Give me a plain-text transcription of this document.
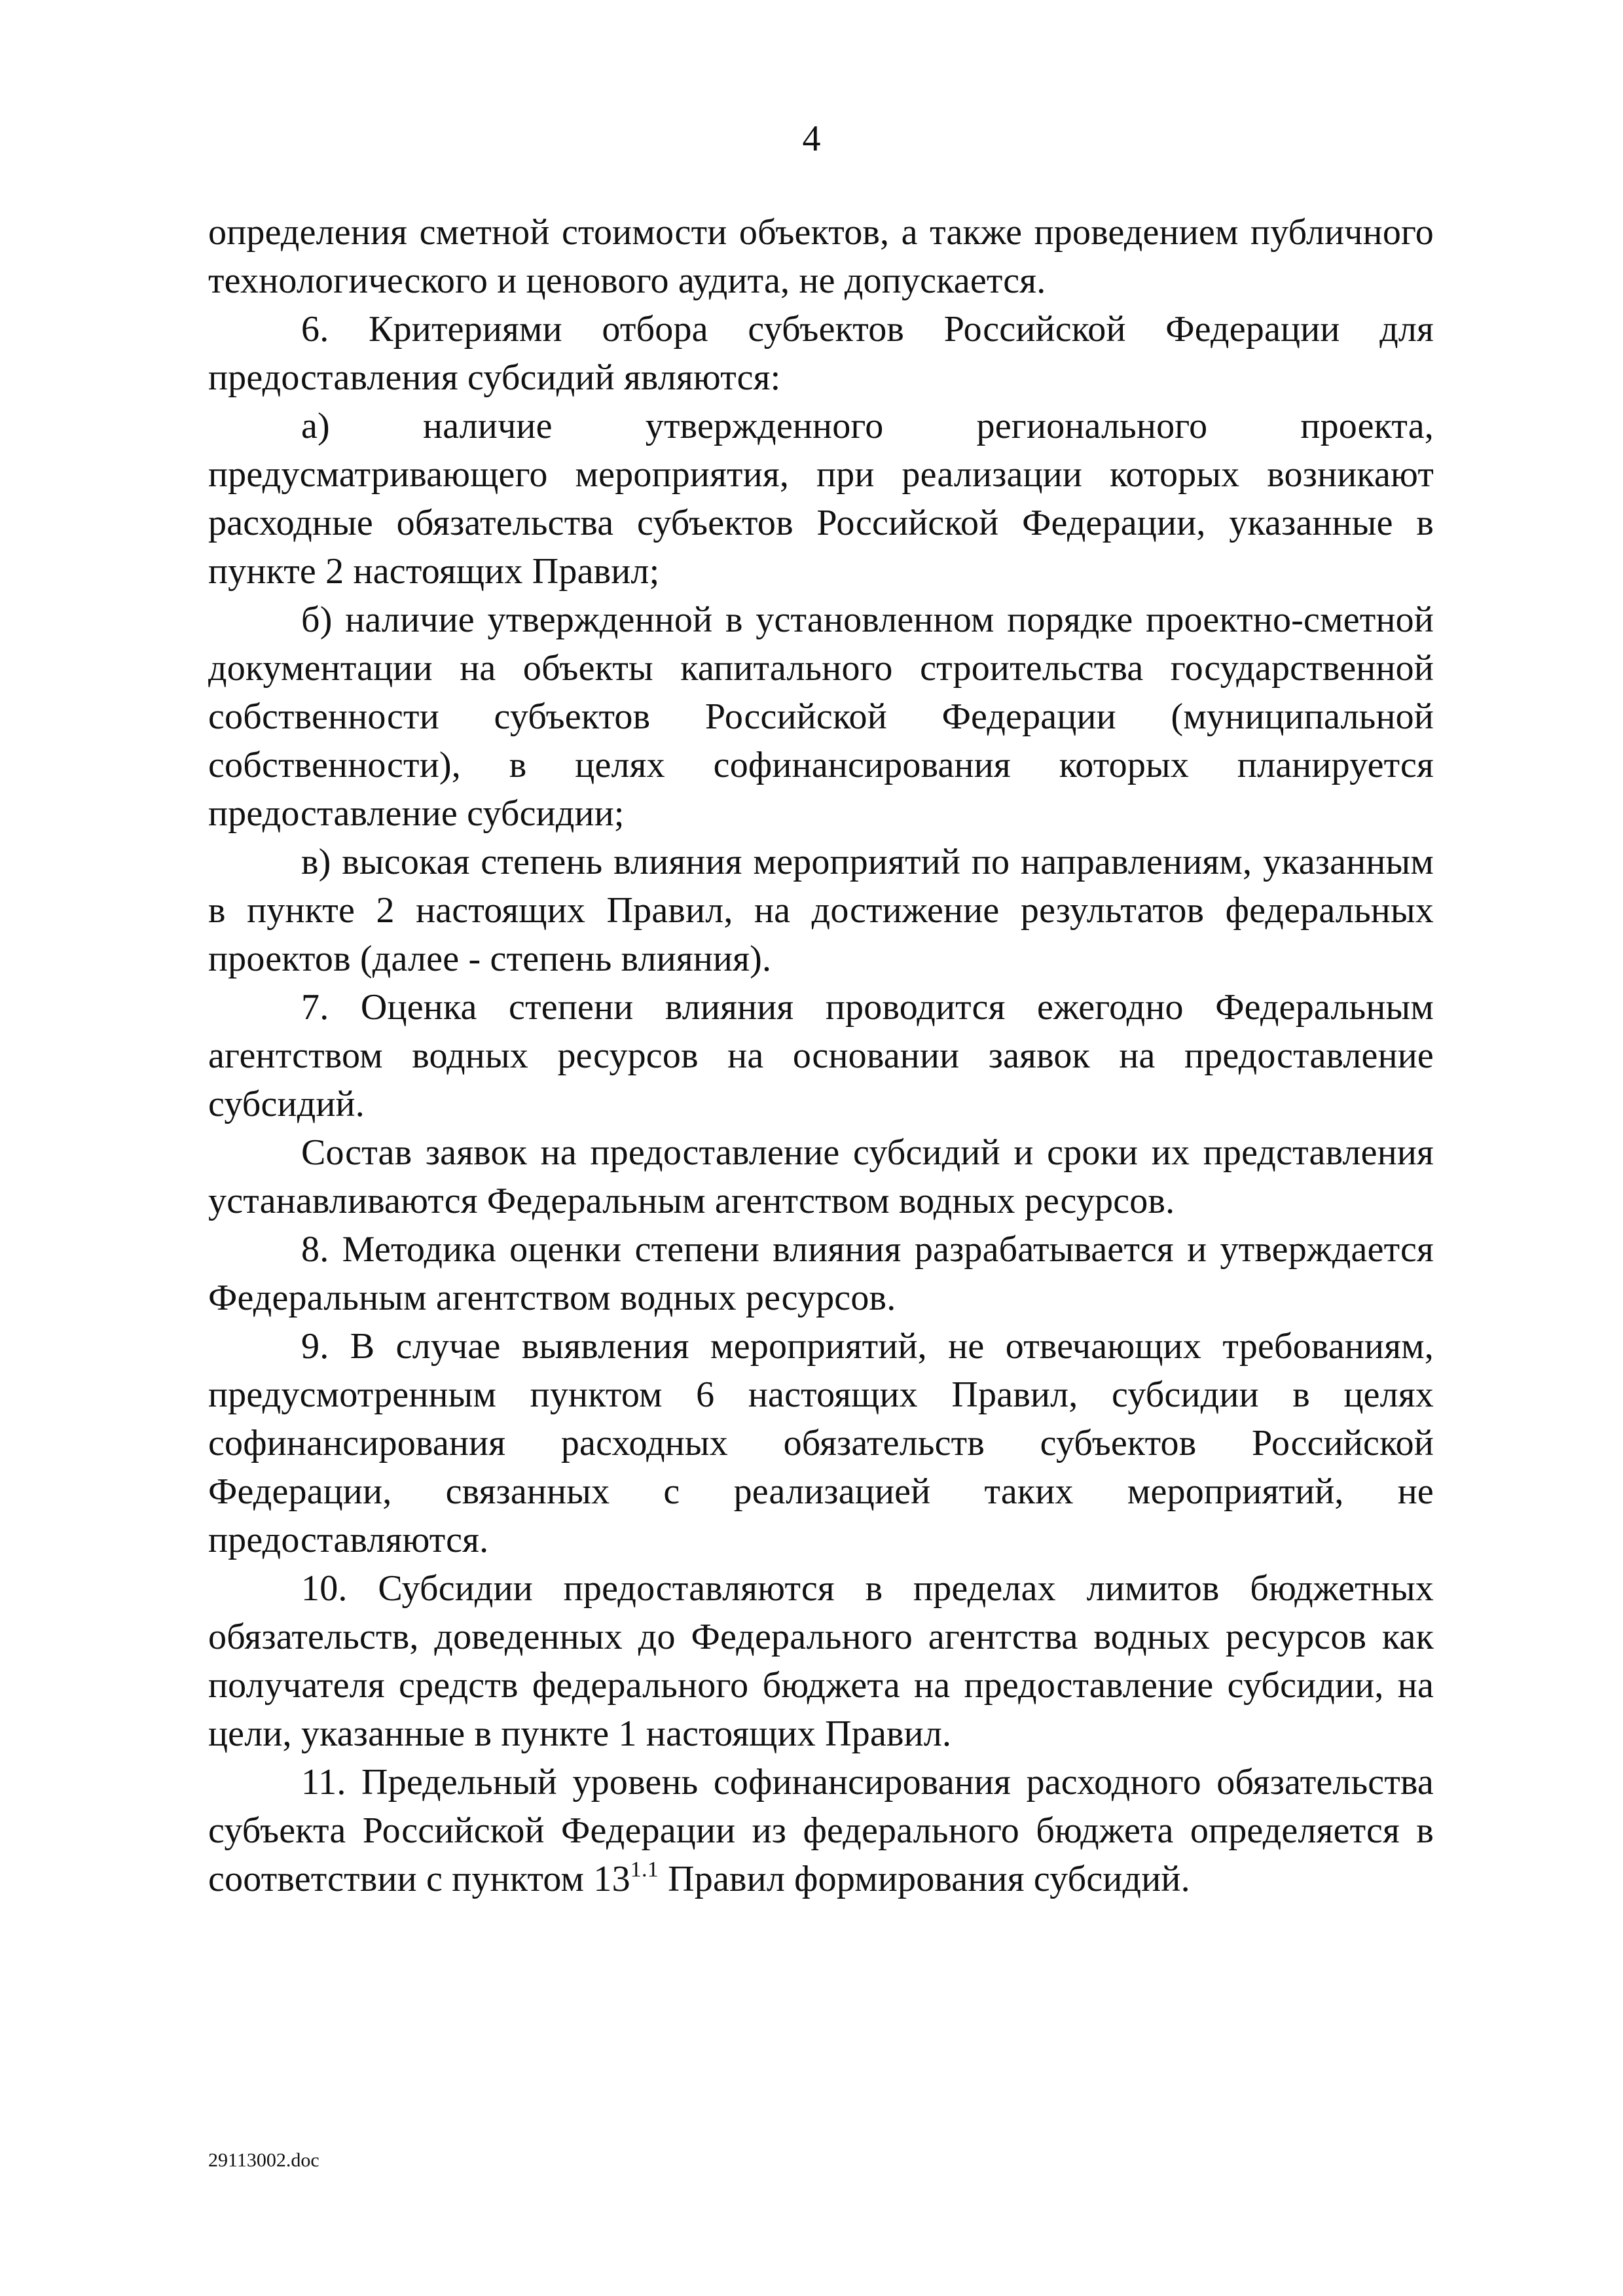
4

определения сметной стоимости объектов, а также проведением публичного технологического и ценового аудита, не допускается.

6. Критериями отбора субъектов Российской Федерации для предоставления субсидий являются:

а) наличие утвержденного регионального проекта, предусматривающего мероприятия, при реализации которых возникают расходные обязательства субъектов Российской Федерации, указанные в пункте 2 настоящих Правил;

б) наличие утвержденной в установленном порядке проектно-сметной документации на объекты капитального строительства государственной собственности субъектов Российской Федерации (муниципальной собственности), в целях софинансирования которых планируется предоставление субсидии;

в) высокая степень влияния мероприятий по направлениям, указанным в пункте 2 настоящих Правил, на достижение результатов федеральных проектов (далее - степень влияния).

7. Оценка степени влияния проводится ежегодно Федеральным агентством водных ресурсов на основании заявок на предоставление субсидий.

Состав заявок на предоставление субсидий и сроки их представления устанавливаются Федеральным агентством водных ресурсов.

8. Методика оценки степени влияния разрабатывается и утверждается Федеральным агентством водных ресурсов.

9. В случае выявления мероприятий, не отвечающих требованиям, предусмотренным пунктом 6 настоящих Правил, субсидии в целях софинансирования расходных обязательств субъектов Российской Федерации, связанных с реализацией таких мероприятий, не предоставляются.

10. Субсидии предоставляются в пределах лимитов бюджетных обязательств, доведенных до Федерального агентства водных ресурсов как получателя средств федерального бюджета на предоставление субсидии, на цели, указанные в пункте 1 настоящих Правил.

11. Предельный уровень софинансирования расходного обязательства субъекта Российской Федерации из федерального бюджета определяется в соответствии с пунктом $13^{1.1}$ Правил формирования субсидий.

29113002.doc
